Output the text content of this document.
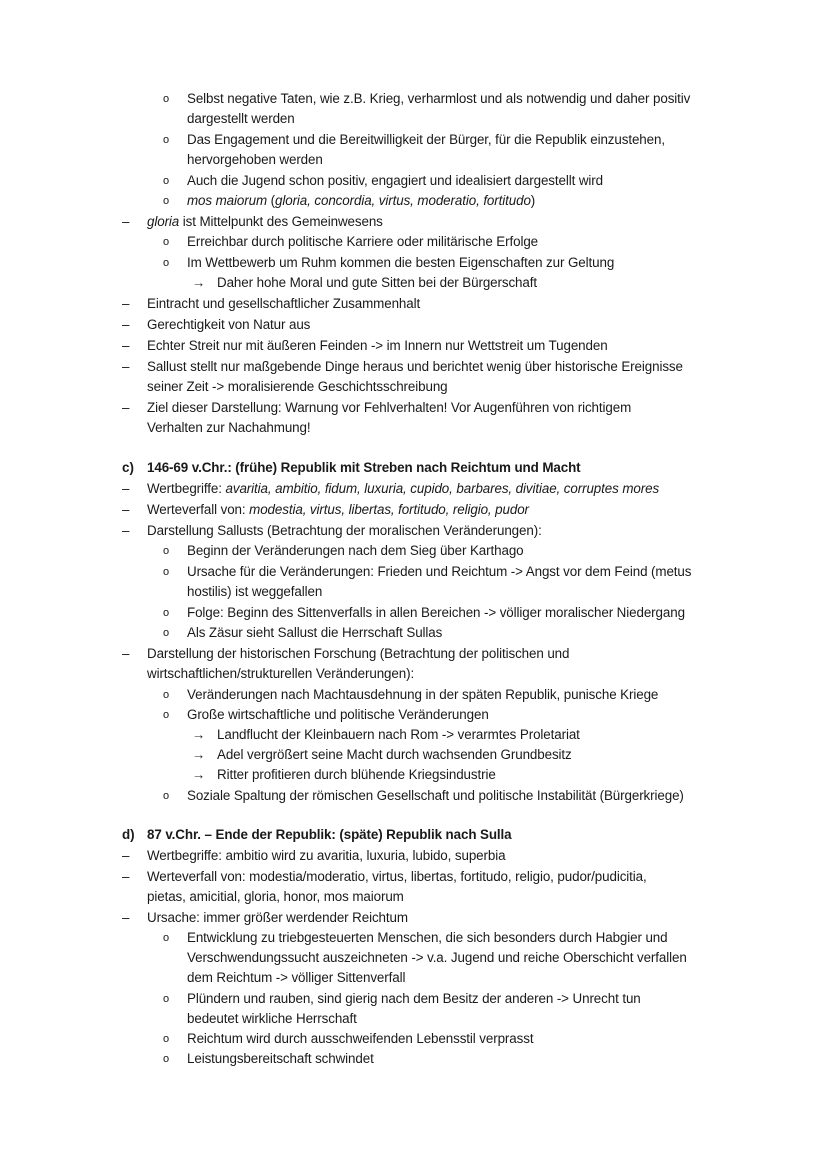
o Selbst negative Taten, wie z.B. Krieg, verharmlost und als notwendig und daher positiv
dargestellt werden
o Das Engagement und die Bereitwilligkeit der Bürger, für die Republik einzustehen,
hervorgehoben werden
o Auch die Jugend schon positiv, engagiert und idealisiert dargestellt wird
o mos maiorum (gloria, concordia, virtus, moderatio, fortitudo)
– gloria ist Mittelpunkt des Gemeinwesens
o Erreichbar durch politische Karriere oder militärische Erfolge
o Im Wettbewerb um Ruhm kommen die besten Eigenschaften zur Geltung
→ Daher hohe Moral und gute Sitten bei der Bürgerschaft
– Eintracht und gesellschaftlicher Zusammenhalt
– Gerechtigkeit von Natur aus
– Echter Streit nur mit äußeren Feinden -> im Innern nur Wettstreit um Tugenden
– Sallust stellt nur maßgebende Dinge heraus und berichtet wenig über historische Ereignisse
seiner Zeit -> moralisierende Geschichtsschreibung
– Ziel dieser Darstellung: Warnung vor Fehlverhalten! Vor Augenführen von richtigem
Verhalten zur Nachahmung!
c) 146-69 v.Chr.: (frühe) Republik mit Streben nach Reichtum und Macht
– Wertbegriffe: avaritia, ambitio, fidum, luxuria, cupido, barbares, divitiae, corruptes mores
– Werteverfall von: modestia, virtus, libertas, fortitudo, religio, pudor
– Darstellung Sallusts (Betrachtung der moralischen Veränderungen):
o Beginn der Veränderungen nach dem Sieg über Karthago
o Ursache für die Veränderungen: Frieden und Reichtum -> Angst vor dem Feind (metus
hostilis) ist weggefallen
o Folge: Beginn des Sittenverfalls in allen Bereichen -> völliger moralischer Niedergang
o Als Zäsur sieht Sallust die Herrschaft Sullas
– Darstellung der historischen Forschung (Betrachtung der politischen und
wirtschaftlichen/strukturellen Veränderungen):
o Veränderungen nach Machtausdehnung in der späten Republik, punische Kriege
o Große wirtschaftliche und politische Veränderungen
→ Landflucht der Kleinbauern nach Rom -> verarmtes Proletariat
→ Adel vergrößert seine Macht durch wachsenden Grundbesitz
→ Ritter profitieren durch blühende Kriegsindustrie
o Soziale Spaltung der römischen Gesellschaft und politische Instabilität (Bürgerkriege)
d) 87 v.Chr. – Ende der Republik: (späte) Republik nach Sulla
– Wertbegriffe: ambitio wird zu avaritia, luxuria, lubido, superbia
– Werteverfall von: modestia/moderatio, virtus, libertas, fortitudo, religio, pudor/pudicitia,
pietas, amicitial, gloria, honor, mos maiorum
– Ursache: immer größer werdender Reichtum
o Entwicklung zu triebgesteuerten Menschen, die sich besonders durch Habgier und
Verschwendungssucht auszeichneten -> v.a. Jugend und reiche Oberschicht verfallen
dem Reichtum -> völliger Sittenverfall
o Plündern und rauben, sind gierig nach dem Besitz der anderen -> Unrecht tun
bedeutet wirkliche Herrschaft
o Reichtum wird durch ausschweifenden Lebensstil verprasst
o Leistungsbereitschaft schwindet
